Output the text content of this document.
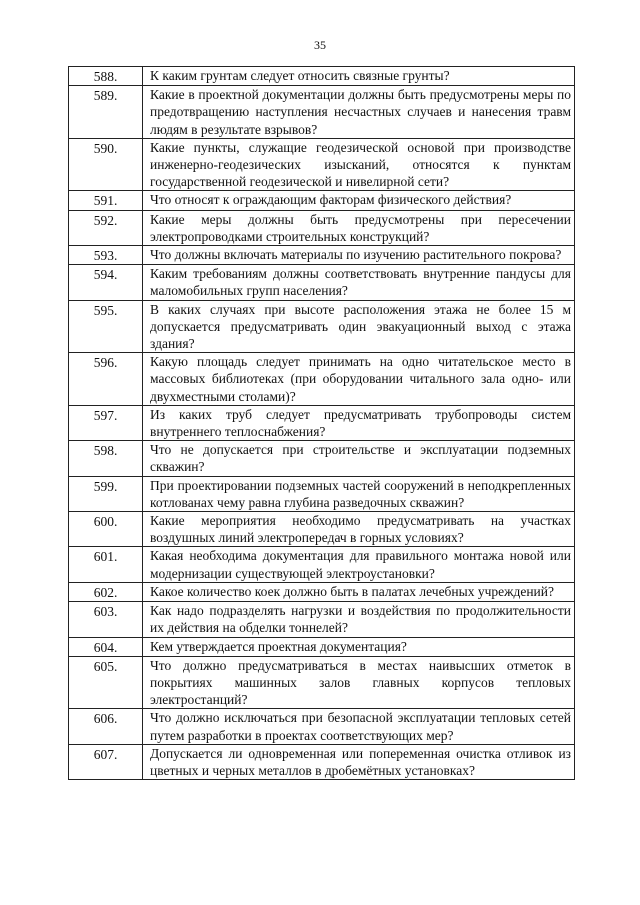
35
588.	К каким грунтам следует относить связные грунты?
589.	Какие в проектной документации должны быть предусмотрены меры по предотвращению наступления несчастных случаев и нанесения травм людям в результате взрывов?
590.	Какие пункты, служащие геодезической основой при производстве инженерно-геодезических изысканий, относятся к пунктам государственной геодезической и нивелирной сети?
591.	Что относят к ограждающим факторам физического действия?
592.	Какие меры должны быть предусмотрены при пересечении электропроводками строительных конструкций?
593.	Что должны включать материалы по изучению растительного покрова?
594.	Каким требованиям должны соответствовать внутренние пандусы для маломобильных групп населения?
595.	В каких случаях при высоте расположения этажа не более 15 м допускается предусматривать один эвакуационный выход с этажа здания?
596.	Какую площадь следует принимать на одно читательское место в массовых библиотеках (при оборудовании читального зала одно- или двухместными столами)?
597.	Из каких труб следует предусматривать трубопроводы систем внутреннего теплоснабжения?
598.	Что не допускается при строительстве и эксплуатации подземных скважин?
599.	При проектировании подземных частей сооружений в неподкрепленных котлованах чему равна глубина разведочных скважин?
600.	Какие мероприятия необходимо предусматривать на участках воздушных линий электропередач в горных условиях?
601.	Какая необходима документация для правильного монтажа новой или модернизации существующей электроустановки?
602.	Какое количество коек должно быть в палатах лечебных учреждений?
603.	Как надо подразделять нагрузки и воздействия по продолжительности их действия на обделки тоннелей?
604.	Кем утверждается проектная документация?
605.	Что должно предусматриваться в местах наивысших отметок в покрытиях машинных залов главных корпусов тепловых электростанций?
606.	Что должно исключаться при безопасной эксплуатации тепловых сетей путем разработки в проектах соответствующих мер?
607.	Допускается ли одновременная или попеременная очистка отливок из цветных и черных металлов в дробемётных установках?
